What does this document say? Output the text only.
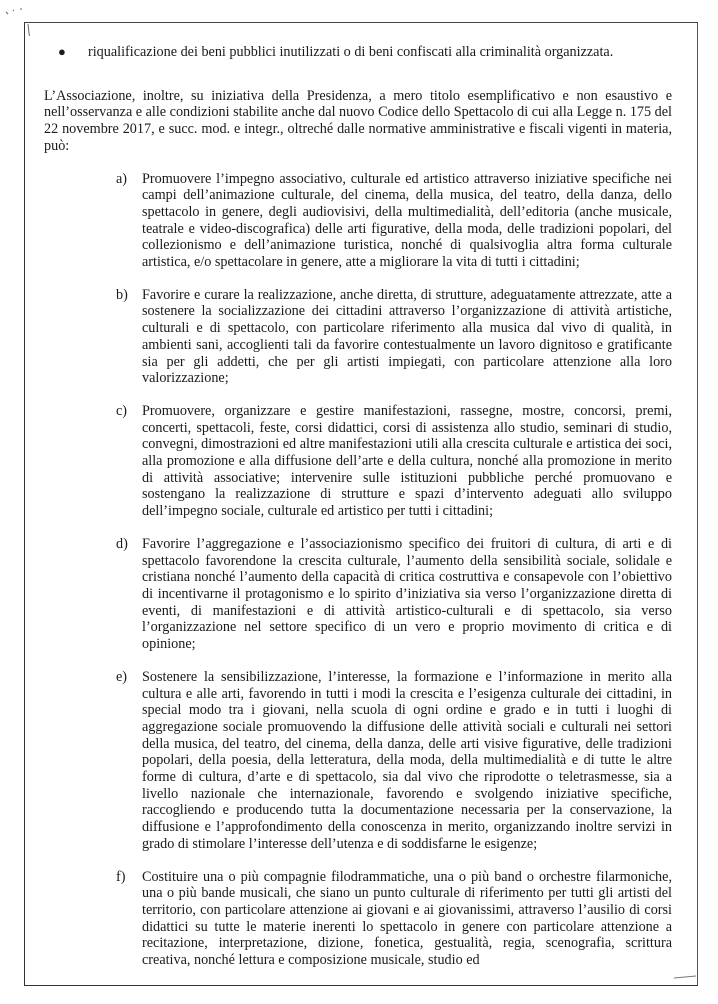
●	riqualificazione dei beni pubblici inutilizzati o di beni confiscati alla criminalità organizzata.

L’Associazione, inoltre, su iniziativa della Presidenza, a mero titolo esemplificativo e non esaustivo e nell’osservanza e alle condizioni stabilite anche dal nuovo Codice dello Spettacolo di cui alla Legge n. 175 del 22 novembre 2017, e succ. mod. e integr., oltreché dalle normative amministrative e fiscali vigenti in materia, può:

a)	Promuovere l’impegno associativo, culturale ed artistico attraverso iniziative specifiche nei campi dell’animazione culturale, del cinema, della musica, del teatro, della danza, dello spettacolo in genere, degli audiovisivi, della multimedialità, dell’editoria (anche musicale, teatrale e video-discografica) delle arti figurative, della moda, delle tradizioni popolari, del collezionismo e dell’animazione turistica, nonché di qualsivoglia altra forma culturale artistica, e/o spettacolare in genere, atte a migliorare la vita di tutti i cittadini;
b) Favorire e curare la realizzazione, anche diretta, di strutture, adeguatamente attrezzate, atte a sostenere la socializzazione dei cittadini attraverso l’organizzazione di attività artistiche, culturali e di spettacolo, con particolare riferimento alla musica dal vivo di qualità, in ambienti sani, accoglienti tali da favorire contestualmente un lavoro dignitoso e gratificante sia per gli addetti, che per gli artisti impiegati, con particolare attenzione alla loro valorizzazione;
c)	Promuovere, organizzare e gestire manifestazioni, rassegne, mostre, concorsi, premi, concerti, spettacoli, feste, corsi didattici, corsi di assistenza allo studio, seminari di studio, convegni, dimostrazioni ed altre manifestazioni utili alla crescita culturale e artistica dei soci, alla promozione e alla diffusione dell’arte e della cultura, nonché alla promozione in merito di attività associative; intervenire sulle istituzioni pubbliche perché promuovano e sostengano la realizzazione di strutture e spazi d’intervento adeguati allo sviluppo dell’impegno sociale, culturale ed artistico per tutti i cittadini;
d) Favorire l’aggregazione e l’associazionismo specifico dei fruitori di cultura, di arti e di spettacolo favorendone la crescita culturale, l’aumento della sensibilità sociale, solidale e cristiana nonché l’aumento della capacità di critica costruttiva e consapevole con l’obiettivo di incentivarne il protagonismo e lo spirito d’iniziativa sia verso l’organizzazione diretta di eventi, di manifestazioni e di attività artistico-culturali e di spettacolo, sia verso l’organizzazione nel settore specifico di un vero e proprio movimento di critica e di opinione;
e)	Sostenere la sensibilizzazione, l’interesse, la formazione e l’informazione in merito alla cultura e alle arti, favorendo in tutti i modi la crescita e l’esigenza culturale dei cittadini, in special modo tra i giovani, nella scuola di ogni ordine e grado e in tutti i luoghi di aggregazione sociale promuovendo la diffusione delle attività sociali e culturali nei settori della musica, del teatro, del cinema, della danza, delle arti visive figurative, delle tradizioni popolari, della poesia, della letteratura, della moda, della multimedialità e di tutte le altre forme di cultura, d’arte e di spettacolo, sia dal vivo che riprodotte o teletrasmesse, sia a livello nazionale che internazionale, favorendo e svolgendo iniziative specifiche, raccogliendo e producendo tutta la documentazione necessaria per la conservazione, la diffusione e l’approfondimento della conoscenza in merito, organizzando inoltre servizi in grado di stimolare l’interesse dell’utenza e di soddisfarne le esigenze;
f)	Costituire una o più compagnie filodrammatiche, una o più band o orchestre filarmoniche, una o più bande musicali, che siano un punto culturale di riferimento per tutti gli artisti del territorio, con particolare attenzione ai giovani e ai giovanissimi, attraverso l’ausilio di corsi didattici su tutte le materie inerenti lo spettacolo in genere con particolare attenzione a recitazione, interpretazione, dizione, fonetica, gestualità, regia, scenografia, scrittura creativa, nonché lettura e composizione musicale, studio ed
